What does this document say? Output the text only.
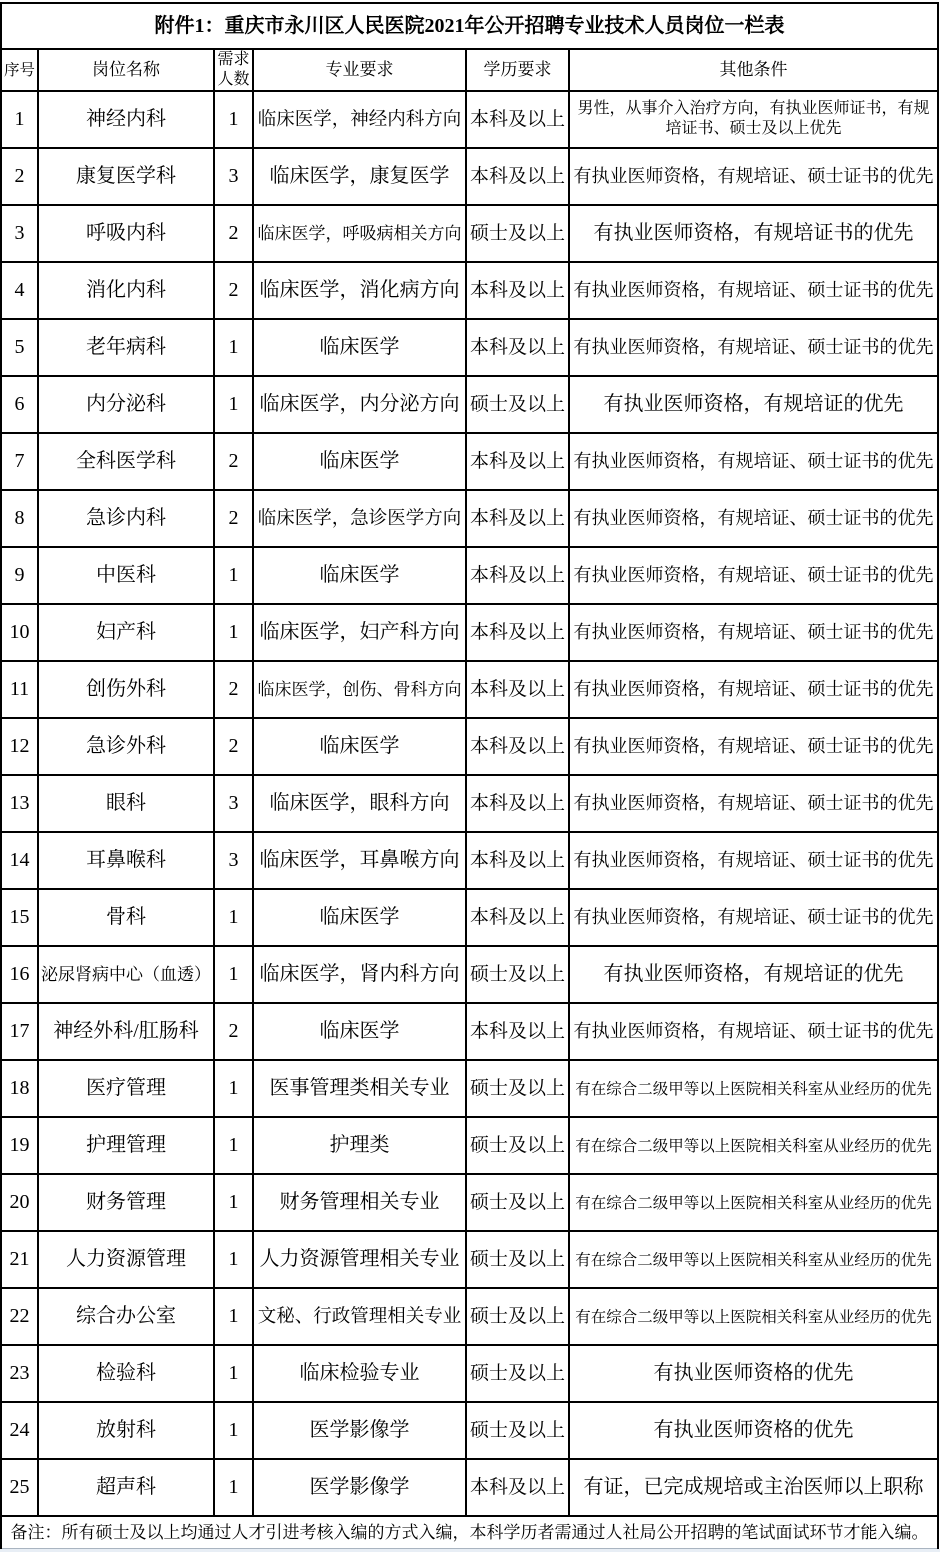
附件1：重庆市永川区人民医院2021年公开招聘专业技术人员岗位一栏表					
序号	岗位名称	需求人数	专业要求	学历要求	其他条件
1	神经内科	1	临床医学，神经内科方向	本科及以上	男性，从事介入治疗方向，有执业医师证书，有规培证书、硕士及以上优先
2	康复医学科	3	临床医学，康复医学	本科及以上	有执业医师资格，有规培证、硕士证书的优先
3	呼吸内科	2	临床医学，呼吸病相关方向	硕士及以上	有执业医师资格，有规培证书的优先
4	消化内科	2	临床医学，消化病方向	本科及以上	有执业医师资格，有规培证、硕士证书的优先
5	老年病科	1	临床医学	本科及以上	有执业医师资格，有规培证、硕士证书的优先
6	内分泌科	1	临床医学，内分泌方向	硕士及以上	有执业医师资格，有规培证的优先
7	全科医学科	2	临床医学	本科及以上	有执业医师资格，有规培证、硕士证书的优先
8	急诊内科	2	临床医学，急诊医学方向	本科及以上	有执业医师资格，有规培证、硕士证书的优先
9	中医科	1	临床医学	本科及以上	有执业医师资格，有规培证、硕士证书的优先
10	妇产科	1	临床医学，妇产科方向	本科及以上	有执业医师资格，有规培证、硕士证书的优先
11	创伤外科	2	临床医学，创伤、骨科方向	本科及以上	有执业医师资格，有规培证、硕士证书的优先
12	急诊外科	2	临床医学	本科及以上	有执业医师资格，有规培证、硕士证书的优先
13	眼科	3	临床医学，眼科方向	本科及以上	有执业医师资格，有规培证、硕士证书的优先
14	耳鼻喉科	3	临床医学，耳鼻喉方向	本科及以上	有执业医师资格，有规培证、硕士证书的优先
15	骨科	1	临床医学	本科及以上	有执业医师资格，有规培证、硕士证书的优先
16	泌尿肾病中心（血透）	1	临床医学，肾内科方向	硕士及以上	有执业医师资格，有规培证的优先
17	神经外科/肛肠科	2	临床医学	本科及以上	有执业医师资格，有规培证、硕士证书的优先
18	医疗管理	1	医事管理类相关专业	硕士及以上	有在综合二级甲等以上医院相关科室从业经历的优先
19	护理管理	1	护理类	硕士及以上	有在综合二级甲等以上医院相关科室从业经历的优先
20	财务管理	1	财务管理相关专业	硕士及以上	有在综合二级甲等以上医院相关科室从业经历的优先
21	人力资源管理	1	人力资源管理相关专业	硕士及以上	有在综合二级甲等以上医院相关科室从业经历的优先
22	综合办公室	1	文秘、行政管理相关专业	硕士及以上	有在综合二级甲等以上医院相关科室从业经历的优先
23	检验科	1	临床检验专业	硕士及以上	有执业医师资格的优先
24	放射科	1	医学影像学	硕士及以上	有执业医师资格的优先
25	超声科	1	医学影像学	本科及以上	有证，已完成规培或主治医师以上职称
备注：所有硕士及以上均通过人才引进考核入编的方式入编，本科学历者需通过人社局公开招聘的笔试面试环节才能入编。					
